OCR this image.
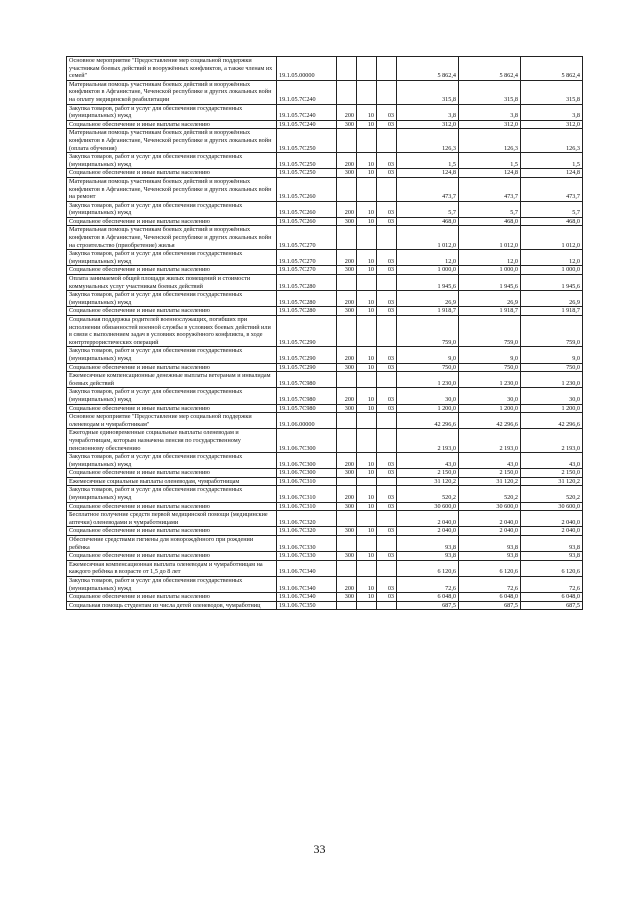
Основное мероприятие "Предоставление мер социальной поддержки участникам боевых действий и вооружённых конфликтов, а также членам их семей"	19.1.05.00000				5 862,4	5 862,4	5 862,4
Материальная помощь участникам боевых действий и вооружённых конфликтов в Афганистане, Чеченской республике и других локальных войн на оплату медицинской реабилитации	19.1.05.7С240				315,8	315,8	315,8
Закупка товаров, работ и услуг для обеспечения государственных (муниципальных) нужд	19.1.05.7С240	200	10	03	3,8	3,8	3,8
Социальное обеспечение и иные выплаты населению	19.1.05.7С240	300	10	03	312,0	312,0	312,0
Материальная помощь участникам боевых действий и вооружённых конфликтов в Афганистане, Чеченской республике и других локальных войн (оплата обучения)	19.1.05.7С250				126,3	126,3	126,3
Закупка товаров, работ и услуг для обеспечения государственных (муниципальных) нужд	19.1.05.7С250	200	10	03	1,5	1,5	1,5
Социальное обеспечение и иные выплаты населению	19.1.05.7С250	300	10	03	124,8	124,8	124,8
Материальная помощь участникам боевых действий и вооружённых конфликтов в Афганистане, Чеченской республике и других локальных войн на ремонт	19.1.05.7С260				473,7	473,7	473,7
Закупка товаров, работ и услуг для обеспечения государственных (муниципальных) нужд	19.1.05.7С260	200	10	03	5,7	5,7	5,7
Социальное обеспечение и иные выплаты населению	19.1.05.7С260	300	10	03	468,0	468,0	468,0
Материальная помощь участникам боевых действий и вооружённых конфликтов в Афганистане, Чеченской республике и других локальных войн на строительство (приобретение) жилья	19.1.05.7С270				1 012,0	1 012,0	1 012,0
Закупка товаров, работ и услуг для обеспечения государственных (муниципальных) нужд	19.1.05.7С270	200	10	03	12,0	12,0	12,0
Социальное обеспечение и иные выплаты населению	19.1.05.7С270	300	10	03	1 000,0	1 000,0	1 000,0
Оплата занимаемой общей площади жилых помещений и стоимости коммунальных услуг участникам боевых действий	19.1.05.7С280				1 945,6	1 945,6	1 945,6
Закупка товаров, работ и услуг для обеспечения государственных (муниципальных) нужд	19.1.05.7С280	200	10	03	26,9	26,9	26,9
Социальное обеспечение и иные выплаты населению	19.1.05.7С280	300	10	03	1 918,7	1 918,7	1 918,7
Социальная поддержка родителей военнослужащих, погибших при исполнении обязанностей военной службы в условиях боевых действий или в связи с выполнением задач в условиях вооружённого конфликта, в ходе контртеррористических операций	19.1.05.7С290				759,0	759,0	759,0
Закупка товаров, работ и услуг для обеспечения государственных (муниципальных) нужд	19.1.05.7С290	200	10	03	9,0	9,0	9,0
Социальное обеспечение и иные выплаты населению	19.1.05.7С290	300	10	03	750,0	750,0	750,0
Ежемесячные компенсационные денежные выплаты ветеранам и инвалидам боевых действий	19.1.05.7С980				1 230,0	1 230,0	1 230,0
Закупка товаров, работ и услуг для обеспечения государственных (муниципальных) нужд	19.1.05.7С980	200	10	03	30,0	30,0	30,0
Социальное обеспечение и иные выплаты населению	19.1.05.7С980	300	10	03	1 200,0	1 200,0	1 200,0
Основное мероприятие "Предоставление мер социальной поддержки оленеводам и чумработникам"	19.1.06.00000				42 296,6	42 296,6	42 296,6
Ежегодные единовременные социальные выплаты оленеводам и чумработницам, которым назначена пенсия по государственному пенсионному обеспечению	19.1.06.7С300				2 193,0	2 193,0	2 193,0
Закупка товаров, работ и услуг для обеспечения государственных (муниципальных) нужд	19.1.06.7С300	200	10	03	43,0	43,0	43,0
Социальное обеспечение и иные выплаты населению	19.1.06.7С300	300	10	03	2 150,0	2 150,0	2 150,0
Ежемесячные социальные выплаты оленеводам, чумработницам	19.1.06.7С310				31 120,2	31 120,2	31 120,2
Закупка товаров, работ и услуг для обеспечения государственных (муниципальных) нужд	19.1.06.7С310	200	10	03	520,2	520,2	520,2
Социальное обеспечение и иные выплаты населению	19.1.06.7С310	300	10	03	30 600,0	30 600,0	30 600,0
Бесплатное получение средств первой медицинской помощи (медицинские аптечки) оленеводами и чумработницами	19.1.06.7С320				2 040,0	2 040,0	2 040,0
Социальное обеспечение и иные выплаты населению	19.1.06.7С320	300	10	03	2 040,0	2 040,0	2 040,0
Обеспечение средствами гигиены для новорождённого при рождении ребёнка	19.1.06.7С330				93,8	93,8	93,8
Социальное обеспечение и иные выплаты населению	19.1.06.7С330	300	10	03	93,8	93,8	93,8
Ежемесячная компенсационная выплата оленеводам и чумработницам на каждого ребёнка в возрасте от 1,5 до 8 лет	19.1.06.7С340				6 120,6	6 120,6	6 120,6
Закупка товаров, работ и услуг для обеспечения государственных (муниципальных) нужд	19.1.06.7С340	200	10	03	72,6	72,6	72,6
Социальное обеспечение и иные выплаты населению	19.1.06.7С340	300	10	03	6 048,0	6 048,0	6 048,0
Социальная помощь студентам из числа детей оленеводов, чумработниц	19.1.06.7С350				687,5	687,5	687,5
33
